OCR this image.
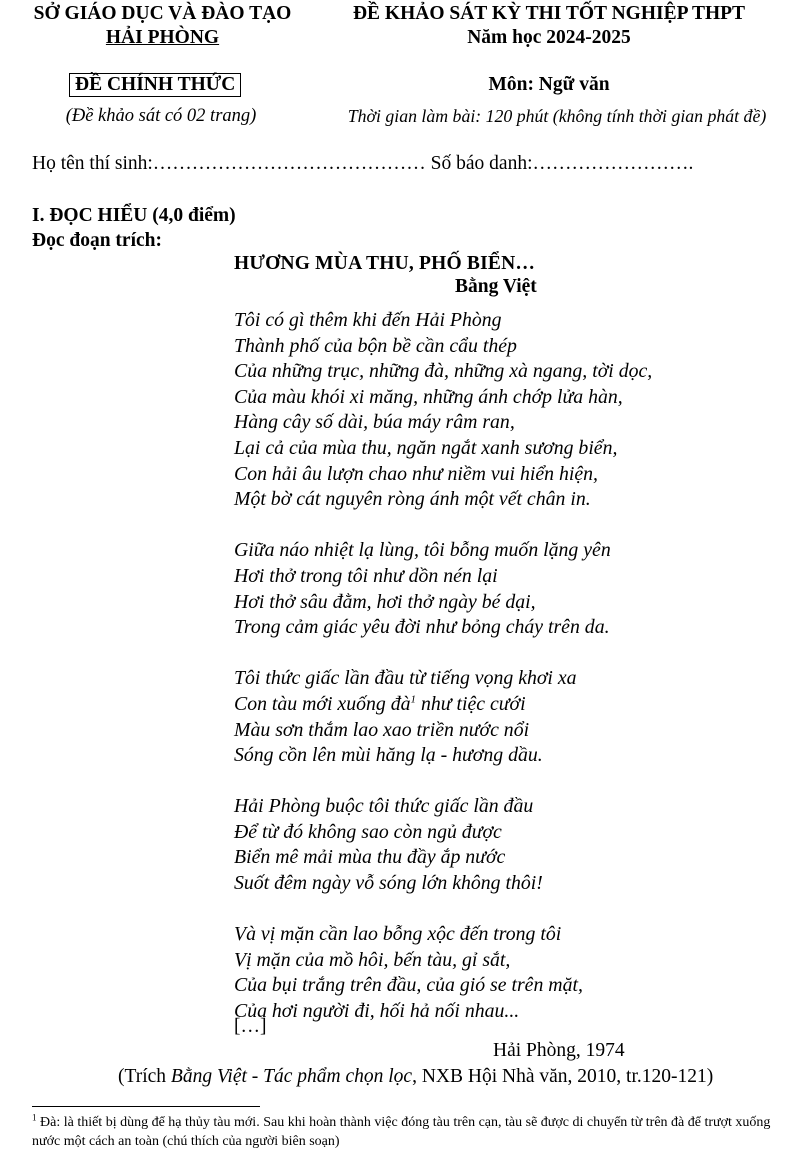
SỞ GIÁO DỤC VÀ ĐÀO TẠO
HẢI PHÒNG
ĐỀ KHẢO SÁT KỲ THI TỐT NGHIỆP THPT
Năm học 2024-2025
ĐỀ CHÍNH THỨC
(Đề khảo sát có 02 trang)
Môn: Ngữ văn
Thời gian làm bài: 120 phút (không tính thời gian phát đề)
Họ tên thí sinh:…………………………………… Số báo danh:…………………….
I. ĐỌC HIỂU (4,0 điểm)
Đọc đoạn trích:
HƯƠNG MÙA THU, PHỐ BIỂN…
Bằng Việt
Tôi có gì thêm khi đến Hải Phòng
Thành phố của bộn bề cần cẩu thép
Của những trục, những đà, những xà ngang, tời dọc,
Của màu khói xi măng, những ánh chớp lửa hàn,
Hàng cây số dài, búa máy râm ran,
Lại cả của mùa thu, ngăn ngắt xanh sương biển,
Con hải âu lượn chao như niềm vui hiển hiện,
Một bờ cát nguyên ròng ánh một vết chân in.
Giữa náo nhiệt lạ lùng, tôi bỗng muốn lặng yên
Hơi thở trong tôi như dồn nén lại
Hơi thở sâu đằm, hơi thở ngày bé dại,
Trong cảm giác yêu đời như bỏng cháy trên da.
Tôi thức giấc lần đầu từ tiếng vọng khơi xa
Con tàu mới xuống $đà^1$ như tiệc cưới
Màu sơn thắm lao xao triền nước nổi
Sóng cồn lên mùi hăng lạ - hương dầu.
Hải Phòng buộc tôi thức giấc lần đầu
Để từ đó không sao còn ngủ được
Biển mê mải mùa thu đầy ắp nước
Suốt đêm ngày vỗ sóng lớn không thôi!
Và vị mặn cần lao bỗng xộc đến trong tôi
Vị mặn của mồ hôi, bến tàu, gỉ sắt,
Của bụi trắng trên đầu, của gió se trên mặt,
Của hơi người đi, hối hả nối nhau...
[…]
Hải Phòng, 1974
(Trích Bằng Việt - Tác phẩm chọn lọc, NXB Hội Nhà văn, 2010, tr.120-121)
$^1$ Đà: là thiết bị dùng để hạ thủy tàu mới. Sau khi hoàn thành việc đóng tàu trên cạn, tàu sẽ được di chuyển từ trên đà để trượt xuống nước một cách an toàn (chú thích của người biên soạn)
